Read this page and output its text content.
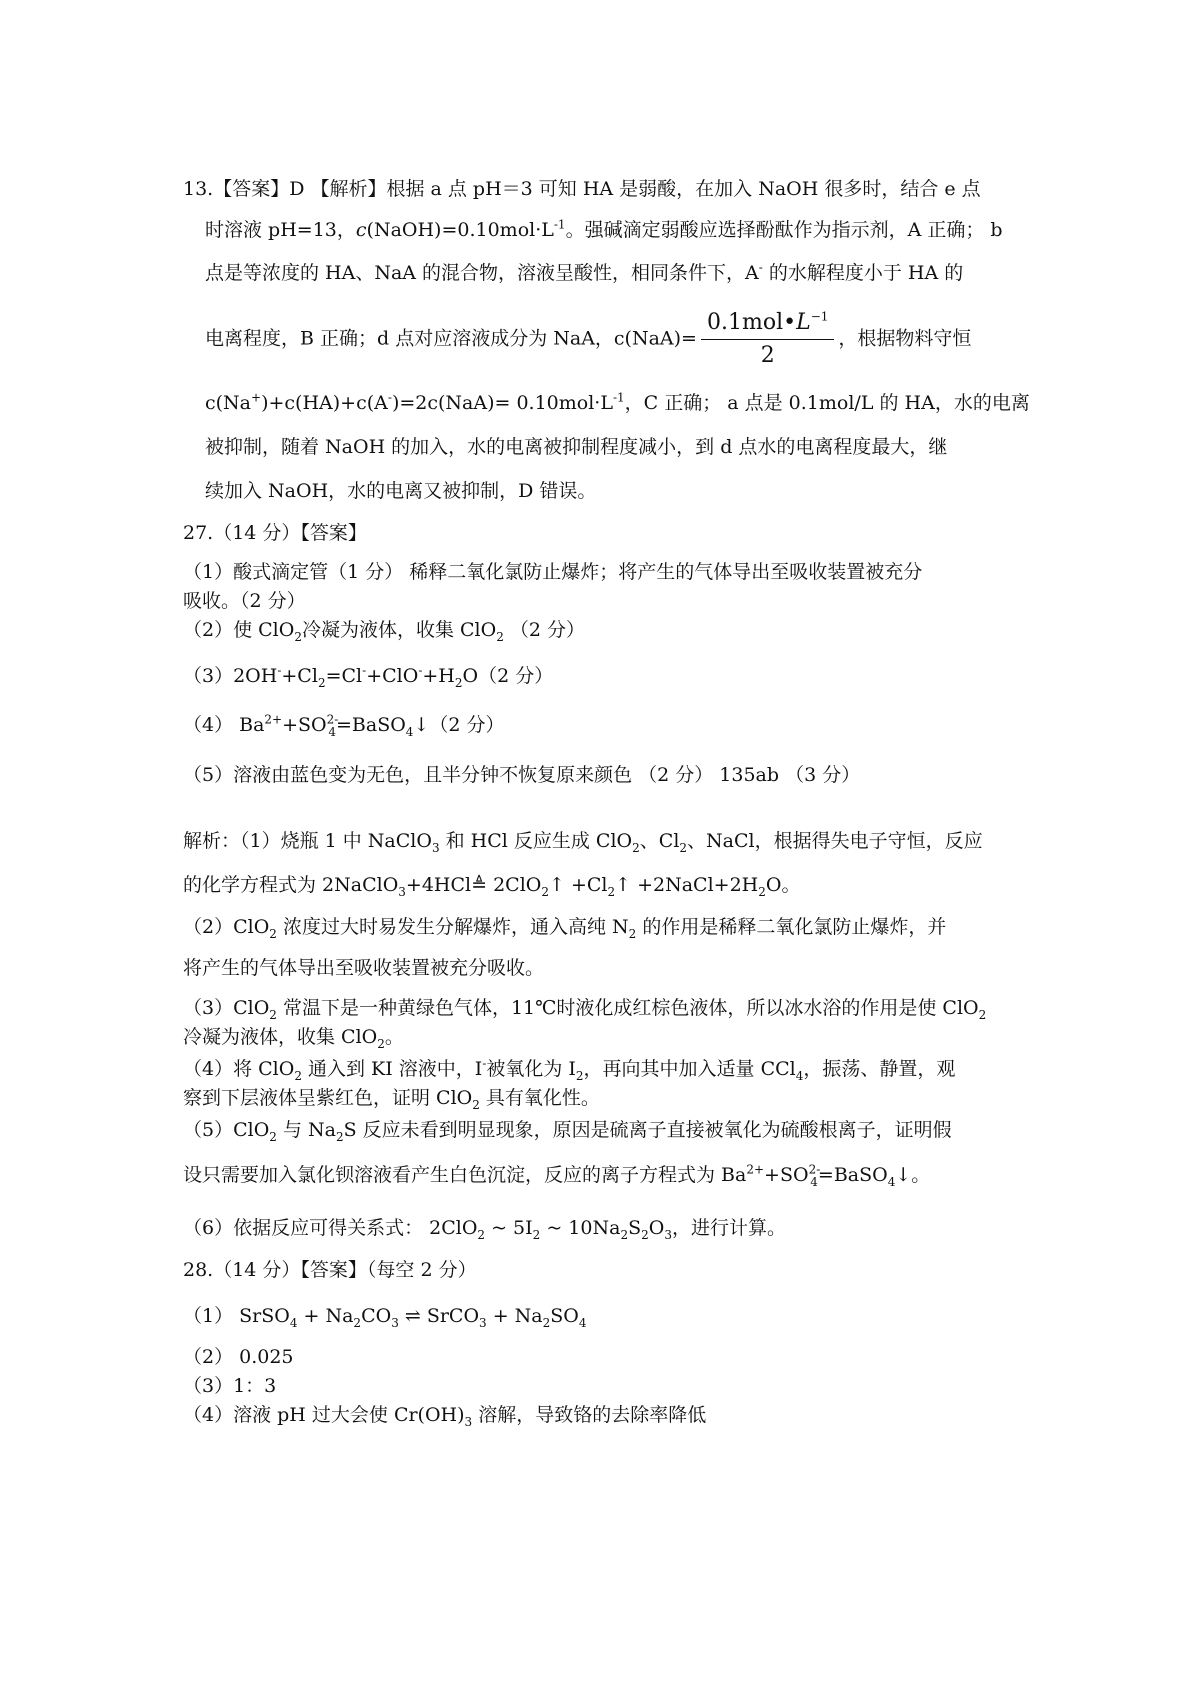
13.【答案】D 【解析】根据 a 点 pH＝3 可知 HA 是弱酸，在加入 NaOH 很多时，结合 e 点
时溶液 pH=13，$c(NaOH)=0.10mol\cdot L^{-1}$。强碱滴定弱酸应选择酚酞作为指示剂，A 正确； b
点是等浓度的 HA、NaA 的混合物，溶液呈酸性，相同条件下，A- 的水解程度小于 HA 的
电离程度，B 正确；d 点对应溶液成分为 NaA，$c(NaA)= \frac{0.1mol•L^{-1}}{2}$ ，根据物料守恒
$c(Na^+)+c(HA)+c(A^-)=2c(NaA)= 0.10mol\cdot L^{-1}$，C 正确； a 点是 0.1mol/L 的 HA，水的电离
被抑制，随着 NaOH 的加入，水的电离被抑制程度减小，到 d 点水的电离程度最大，继
续加入 NaOH，水的电离又被抑制，D 错误。
27.（14 分）【答案】
（1）酸式滴定管（1 分） 稀释二氧化氯防止爆炸；将产生的气体导出至吸收装置被充分
吸收。（2 分）
（2）使 ClO$_2$冷凝为液体，收集 ClO$_2$ （2 分）
$(3)2OH^-+Cl_2=Cl^-+ClO^-+H_2O(2$ 分）
（4） $Ba^{2+}+SO^{2-}_4=BaSO_4↓(2$ 分）
（5）溶液由蓝色变为无色，且半分钟不恢复原来颜色 （2 分） 135ab （3 分）
解析：（1）烧瓶 1 中 NaClO$_3$ 和 HCl 反应生成 ClO$_2$、$Cl_2$、NaCl，根据得失电子守恒，反应
的化学方程式为 2NaClO$_3$+4HCl≜ 2ClO$_2$↑ $+Cl_2↑$ $+2NaCl+2H_2O$。
（2）ClO$_2$ 浓度过大时易发生分解爆炸，通入高纯 $N_2$ 的作用是稀释二氧化氯防止爆炸，并
将产生的气体导出至吸收装置被充分吸收。
（3）ClO$_2$ 常温下是一种黄绿色气体，11℃时液化成红棕色液体，所以冰水浴的作用是使 ClO$_2$
冷凝为液体，收集 ClO$_2$。
（4）将 ClO$_2$ 通入到 KI 溶液中，I-被氧化为 $I_2$，再向其中加入适量 CCl$_4$，振荡、静置，观
察到下层液体呈紫红色，证明 ClO$_2$ 具有氧化性。
（5）ClO$_2$ 与 $Na_2S$ 反应未看到明显现象，原因是硫离子直接被氧化为硫酸根离子，证明假
设只需要加入氯化钡溶液看产生白色沉淀，反应的离子方程式为 $Ba^{2+}+SO^{2-}_4=BaSO_4↓$。
（6）依据反应可得关系式： 2ClO$_2$ ~ $5I_2$ ~ $10Na_2S_2O_3$，进行计算。
28.（14 分）【答案】（每空 2 分）
（1） SrSO$_4$ + $Na_2CO_3$ ⇌ SrCO$_3$ + $Na_2SO_4$
（2） 0.025
（3）1：3
（4）溶液 pH 过大会使 $Cr(OH)_3$ 溶解，导致铬的去除率降低
